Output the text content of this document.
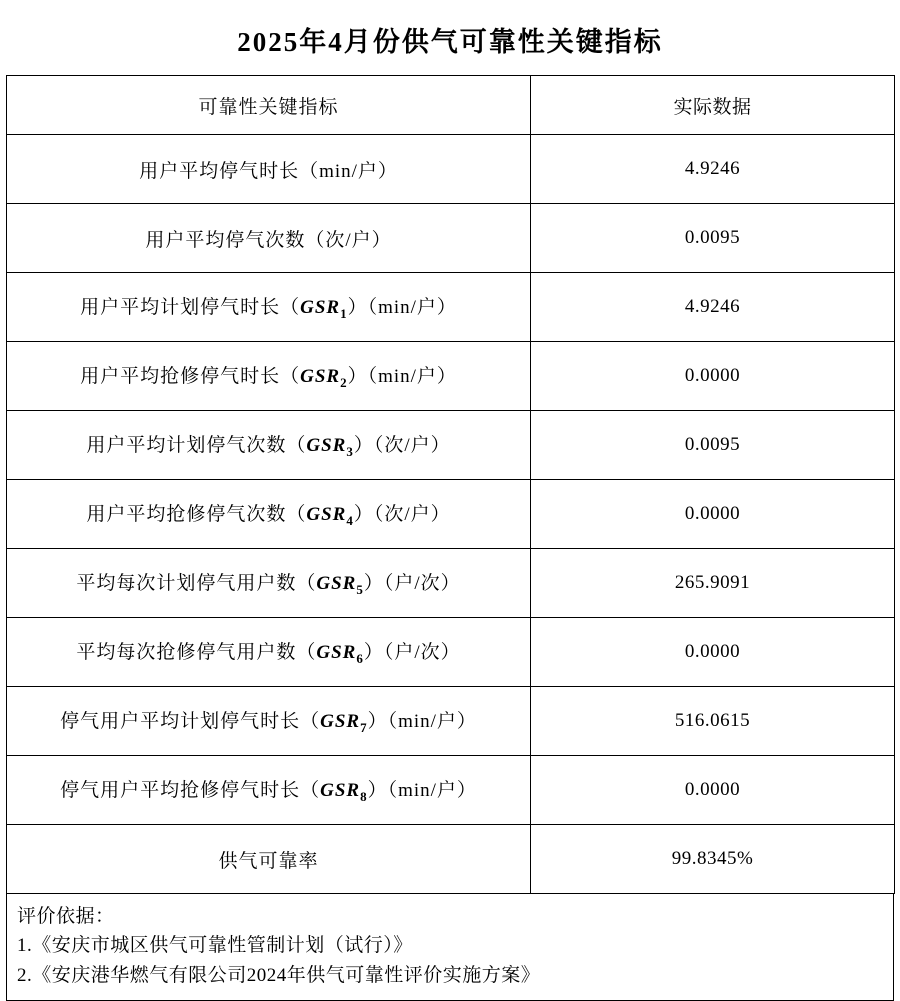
2025年4月份供气可靠性关键指标
可靠性关键指标	实际数据
用户平均停气时长（min/户）	4.9246
用户平均停气次数（次/户）	0.0095
用户平均计划停气时长$(GSR_1)(\min/$户）	4.9246
用户平均抢修停气时长$(GSR_2)(\min/$户）	0.0000
用户平均计划停气次数$(GSR_3)$（次/户）	0.0095
用户平均抢修停气次数$(GSR_4)$（次/户）	0.0000
平均每次计划停气用户数$(GSR_5)$（户/次）	265.9091
平均每次抢修停气用户数$(GSR_6)$（户/次）	0.0000
停气用户平均计划停气时长$(GSR_7)(\min/$户）	516.0615
停气用户平均抢修停气时长$(GSR_8)(\min/$户）	0.0000
供气可靠率	99.8345%
评价依据：
1.《安庆市城区供气可靠性管制计划（试行）》
2.《安庆港华燃气有限公司2024年供气可靠性评价实施方案》
